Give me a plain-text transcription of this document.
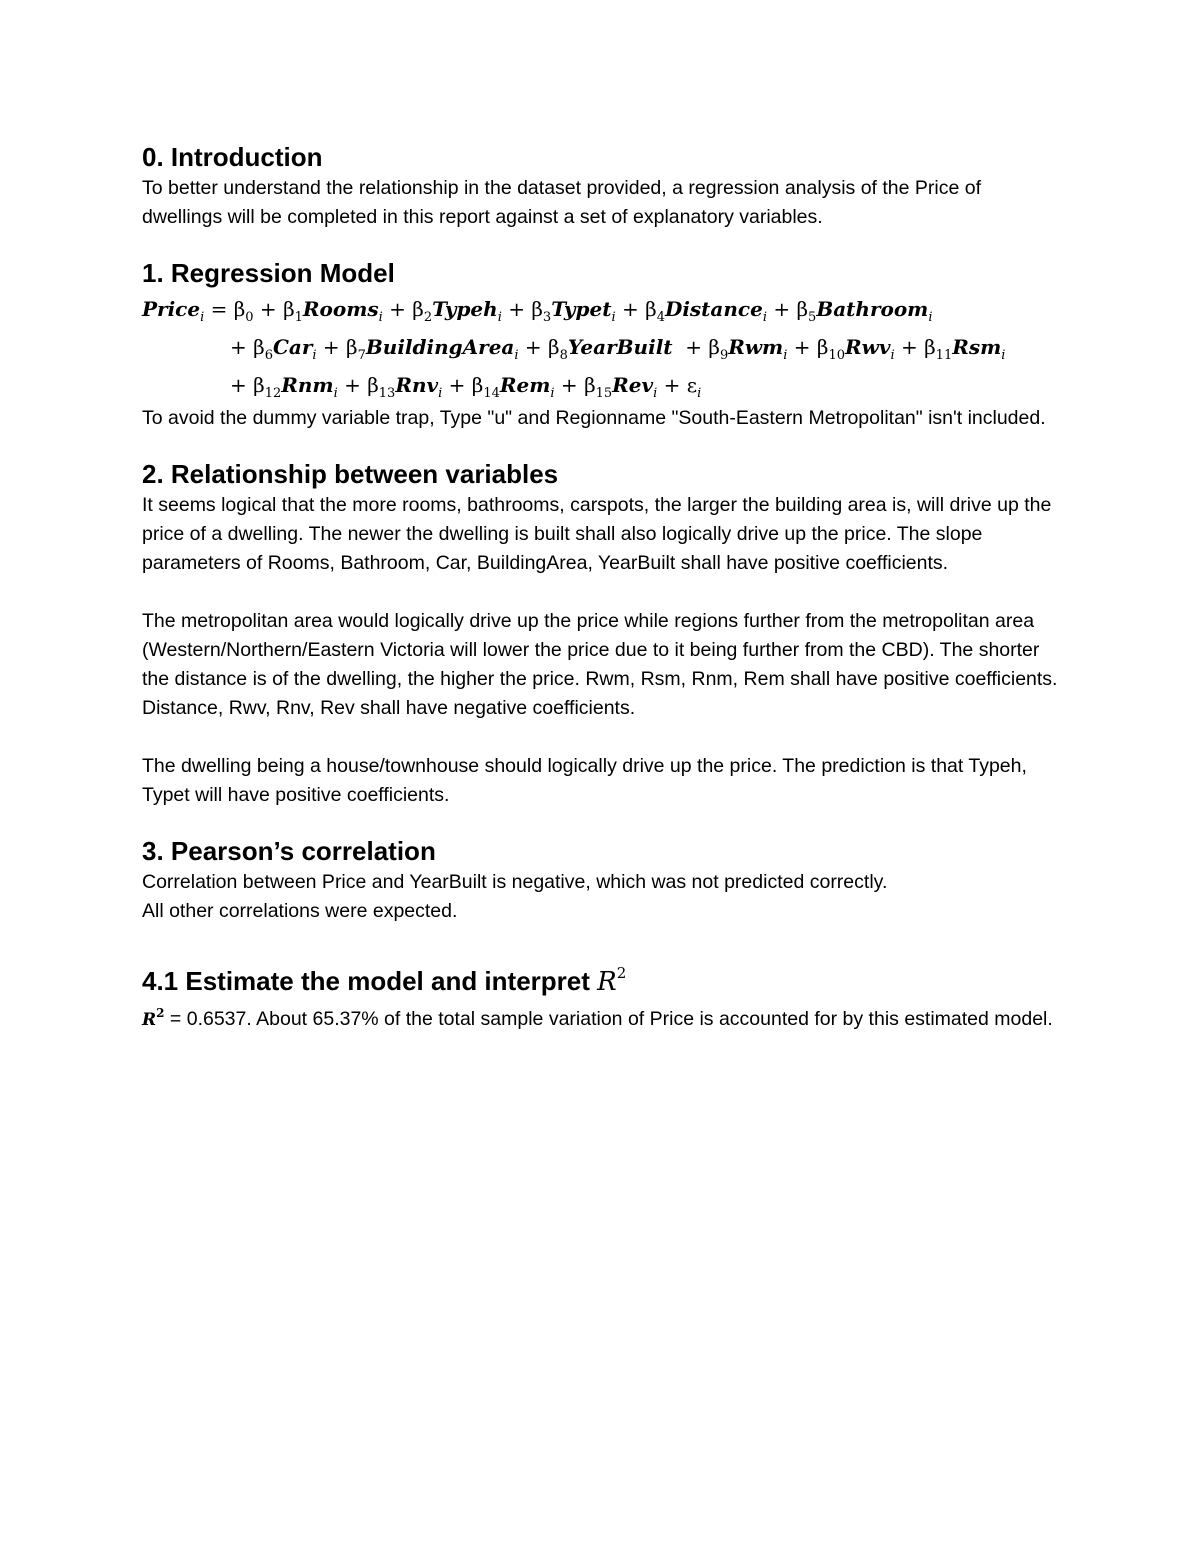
0. Introduction

To better understand the relationship in the dataset provided, a regression analysis of the Price of dwellings will be completed in this report against a set of explanatory variables.

1. Regression Model
Price$_i$ = $\beta_0$ + $\beta_1Rooms_i$ + $\beta_2Typeh_i$ + $\beta_3Typet_i$ + $\beta_4Distance_i$ + $\beta_5Bathroom_i$
+ $\beta_6Car_i$ + $\beta_7BuildingArea_i$ + $\beta_8YearBuilt + \beta_9Rwm_i + \beta_{10}Rwv_i + \beta_{11}Rsm_i$
+ $\beta_{12}Rnm_i + \beta_{13}Rnv_i + \beta_{14}Rem_i + \beta_{15}Rev_i + \varepsilon_i$

To avoid the dummy variable trap, Type "u" and Regionname "South-Eastern Metropolitan" isn't included.

2. Relationship between variables

It seems logical that the more rooms, bathrooms, carspots, the larger the building area is, will drive up the price of a dwelling. The newer the dwelling is built shall also logically drive up the price. The slope parameters of Rooms, Bathroom, Car, BuildingArea, YearBuilt shall have positive coefficients.

The metropolitan area would logically drive up the price while regions further from the metropolitan area (Western/Northern/Eastern Victoria will lower the price due to it being further from the CBD). The shorter the distance is of the dwelling, the higher the price. Rwm, Rsm, Rnm, Rem shall have positive coefficients. Distance, Rwv, Rnv, Rev shall have negative coefficients.

The dwelling being a house/townhouse should logically drive up the price. The prediction is that Typeh, Typet will have positive coefficients.

3. Pearson’s correlation

Correlation between Price and YearBuilt is negative, which was not predicted correctly.

All other correlations were expected.

4.1 Estimate the model and interpret $R^2$

$R^2 = 0.6537$. About 65.37% of the total sample variation of Price is accounted for by this estimated model.
